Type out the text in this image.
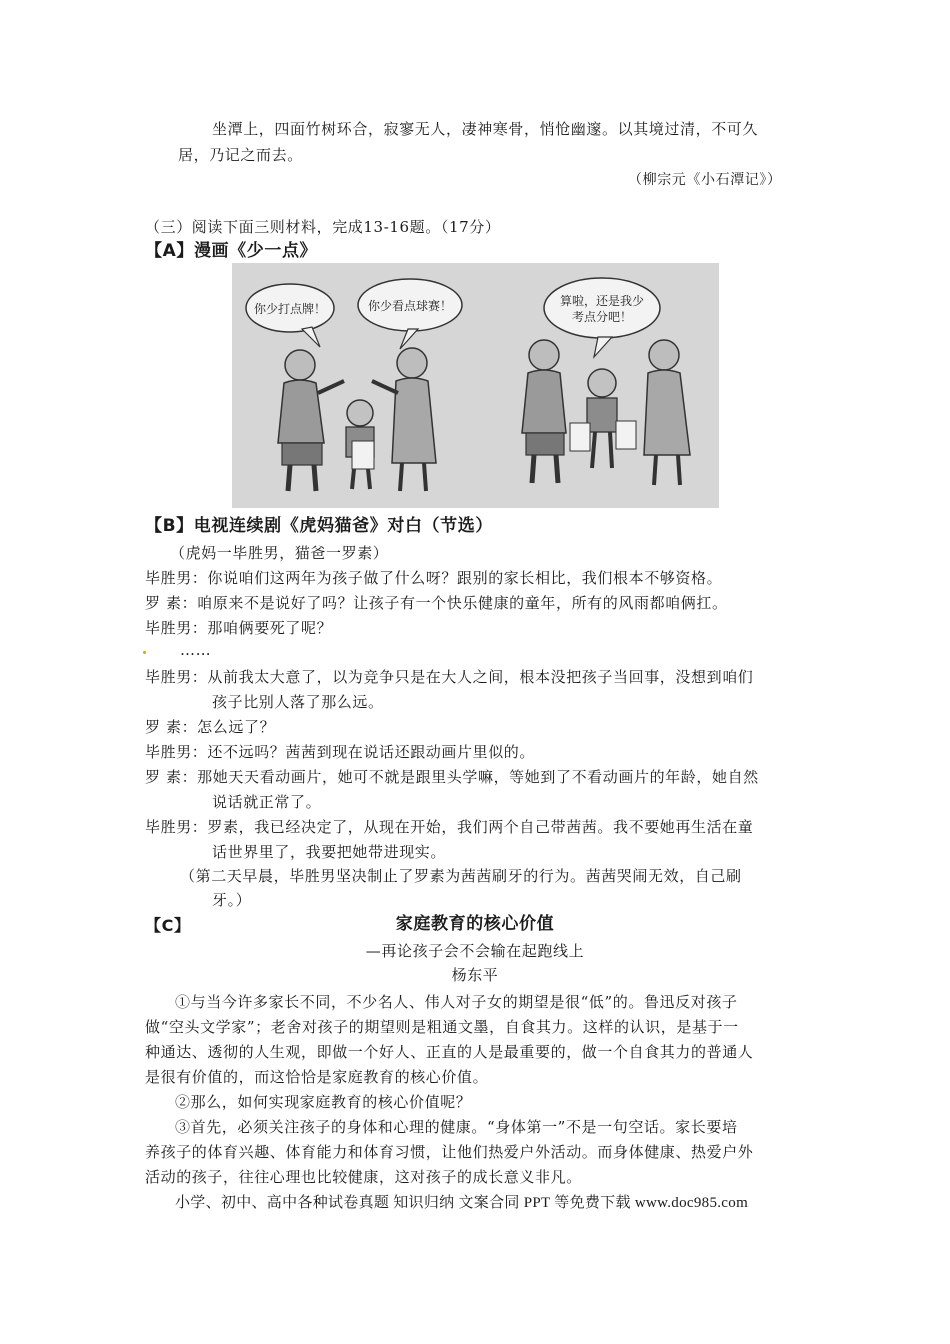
坐潭上，四面竹树环合，寂寥无人，凄神寒骨，悄怆幽邃。以其境过清，不可久
居，乃记之而去。
（柳宗元《小石潭记》）
（三）阅读下面三则材料，完成13-16题。（17分）
【A】漫画《少一点》
你少打点牌！	你少看点球赛！	算啦，还是我少
考点分吧！
【B】电视连续剧《虎妈猫爸》对白（节选）
（虎妈一毕胜男，猫爸一罗素）
毕胜男：你说咱们这两年为孩子做了什么呀？跟别的家长相比，我们根本不够资格。
罗 素：咱原来不是说好了吗？让孩子有一个快乐健康的童年，所有的风雨都咱俩扛。
毕胜男：那咱俩要死了呢？
……
毕胜男：从前我太大意了，以为竞争只是在大人之间，根本没把孩子当回事，没想到咱们
孩子比别人落了那么远。
罗 素：怎么远了？
毕胜男：还不远吗？茜茜到现在说话还跟动画片里似的。
罗 素：那她天天看动画片，她可不就是跟里头学嘛，等她到了不看动画片的年龄，她自然
说话就正常了。
毕胜男：罗素，我已经决定了，从现在开始，我们两个自己带茜茜。我不要她再生活在童
话世界里了，我要把她带进现实。
（第二天早晨，毕胜男坚决制止了罗素为茜茜刷牙的行为。茜茜哭闹无效，自己刷
牙。）
【C】	家庭教育的核心价值
—再论孩子会不会输在起跑线上
杨东平
①与当今许多家长不同，不少名人、伟人对子女的期望是很“低”的。鲁迅反对孩子
做“空头文学家”；老舍对孩子的期望则是粗通文墨，自食其力。这样的认识，是基于一
种通达、透彻的人生观，即做一个好人、正直的人是最重要的，做一个自食其力的普通人
是很有价值的，而这恰恰是家庭教育的核心价值。
②那么，如何实现家庭教育的核心价值呢？
③首先，必须关注孩子的身体和心理的健康。“身体第一”不是一句空话。家长要培
养孩子的体育兴趣、体育能力和体育习惯，让他们热爱户外活动。而身体健康、热爱户外
活动的孩子，往往心理也比较健康，这对孩子的成长意义非凡。
小学、初中、高中各种试卷真题 知识归纳 文案合同 PPT 等免费下载 www.doc985.com
